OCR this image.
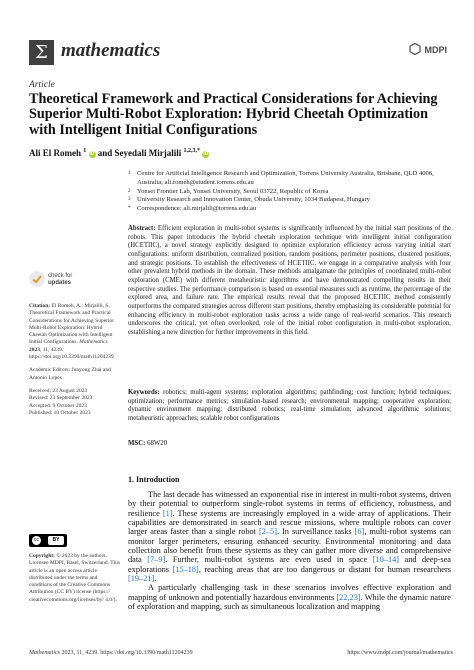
Σ mathematics	MDPI
Article
Theoretical Framework and Practical Considerations for Achieving Superior Multi-Robot Exploration: Hybrid Cheetah Optimization with Intelligent Initial Configurations
Ali El Romeh $^1$ iD and Seyedali Mirjalili $^{1,2,3,*}$ iD
1 Centre for Artificial Intelligence Research and Optimization, Torrens University Australia, Brisbane, QLD 4006, Australia; ali.romeh@student.torrens.edu.au
2 Yonsei Frontier Lab, Yonsei University, Seoul 03722, Republic of Korea
3 University Research and Innovation Center, Obuda University, 1034 Budapest, Hungary
* Correspondence: ali.mirjalili@torrens.edu.au
Abstract: Efficient exploration in multi-robot systems is significantly influenced by the initial start positions of the robots. This paper introduces the hybrid cheetah exploration technique with intelligent initial configuration (HCETIIC), a novel strategy explicitly designed to optimize exploration efficiency across varying initial start configurations: uniform distribution, centralized position, random positions, perimeter positions, clustered positions, and strategic positions. To establish the effectiveness of HCETIIC, we engage in a comparative analysis with four other prevalent hybrid methods in the domain. These methods amalgamate the principles of coordinated multi-robot exploration (CME) with different metaheuristic algorithms and have demonstrated compelling results in their respective studies. The performance comparison is based on essential measures such as runtime, the percentage of the explored area, and failure rate. The empirical results reveal that the proposed HCETIIC method consistently outperforms the compared strategies across different start positions, thereby emphasizing its considerable potential for enhancing efficiency in multi-robot exploration tasks across a wide range of real-world scenarios. This research underscores the critical, yet often overlooked, role of the initial robot configuration in multi-robot exploration, establishing a new direction for further improvements in this field.
Keywords: robotics; multi-agent systems; exploration algorithms; pathfinding; cost function; hybrid techniques; optimization; performance metrics; simulation-based research; environmental mapping; cooperative exploration; dynamic environment mapping; distributed robotics; real-time simulation; advanced algorithmic solutions; metaheuristic approaches; scalable robot configurations
MSC: 68W20
check for
updates

Citation: El Romeh, A.; Mirjalili, S. Theoretical Framework and Practical Considerations for Achieving Superior Multi-Robot Exploration: Hybrid Cheetah Optimization with Intelligent Initial Configurations. Mathematics 2023, 11, 4239. https://doi.org/10.3390/math11204239

Academic Editors: Junyong Zhai and Antonio Lopes

Received: 23 August 2023
Revised: 23 September 2023
Accepted: 9 October 2023
Published: 10 October 2023

cc	BY
Copyright: © 2023 by the authors. Licensee MDPI, Basel, Switzerland. This article is an open access article distributed under the terms and conditions of the Creative Commons Attribution (CC BY) license (https:// creativecommons.org/licenses/by/ 4.0/).
1. Introduction

The last decade has witnessed an exponential rise in interest in multi-robot systems, driven by their potential to outperform single-robot systems in terms of efficiency, robustness, and resilience [1]. These systems are increasingly employed in a wide array of applications. Their capabilities are demonstrated in search and rescue missions, where multiple robots can cover larger areas faster than a single robot [2–5]. In surveillance tasks [6], multi-robot systems can monitor larger perimeters, ensuring enhanced security. Environmental monitoring and data collection also benefit from these systems as they can gather more diverse and comprehensive data [7–9]. Further, multi-robot systems are even used in space [10–14] and deep-sea explorations [15–18], reaching areas that are too dangerous or distant for human researchers [19–21].

A particularly challenging task in these scenarios involves effective exploration and mapping of unknown and potentially hazardous environments [22,23]. While the dynamic nature of exploration and mapping, such as simultaneous localization and mapping

Mathematics 2023, 11, 4239. https://doi.org/10.3390/math11204239	https://www.mdpi.com/journal/mathematics
